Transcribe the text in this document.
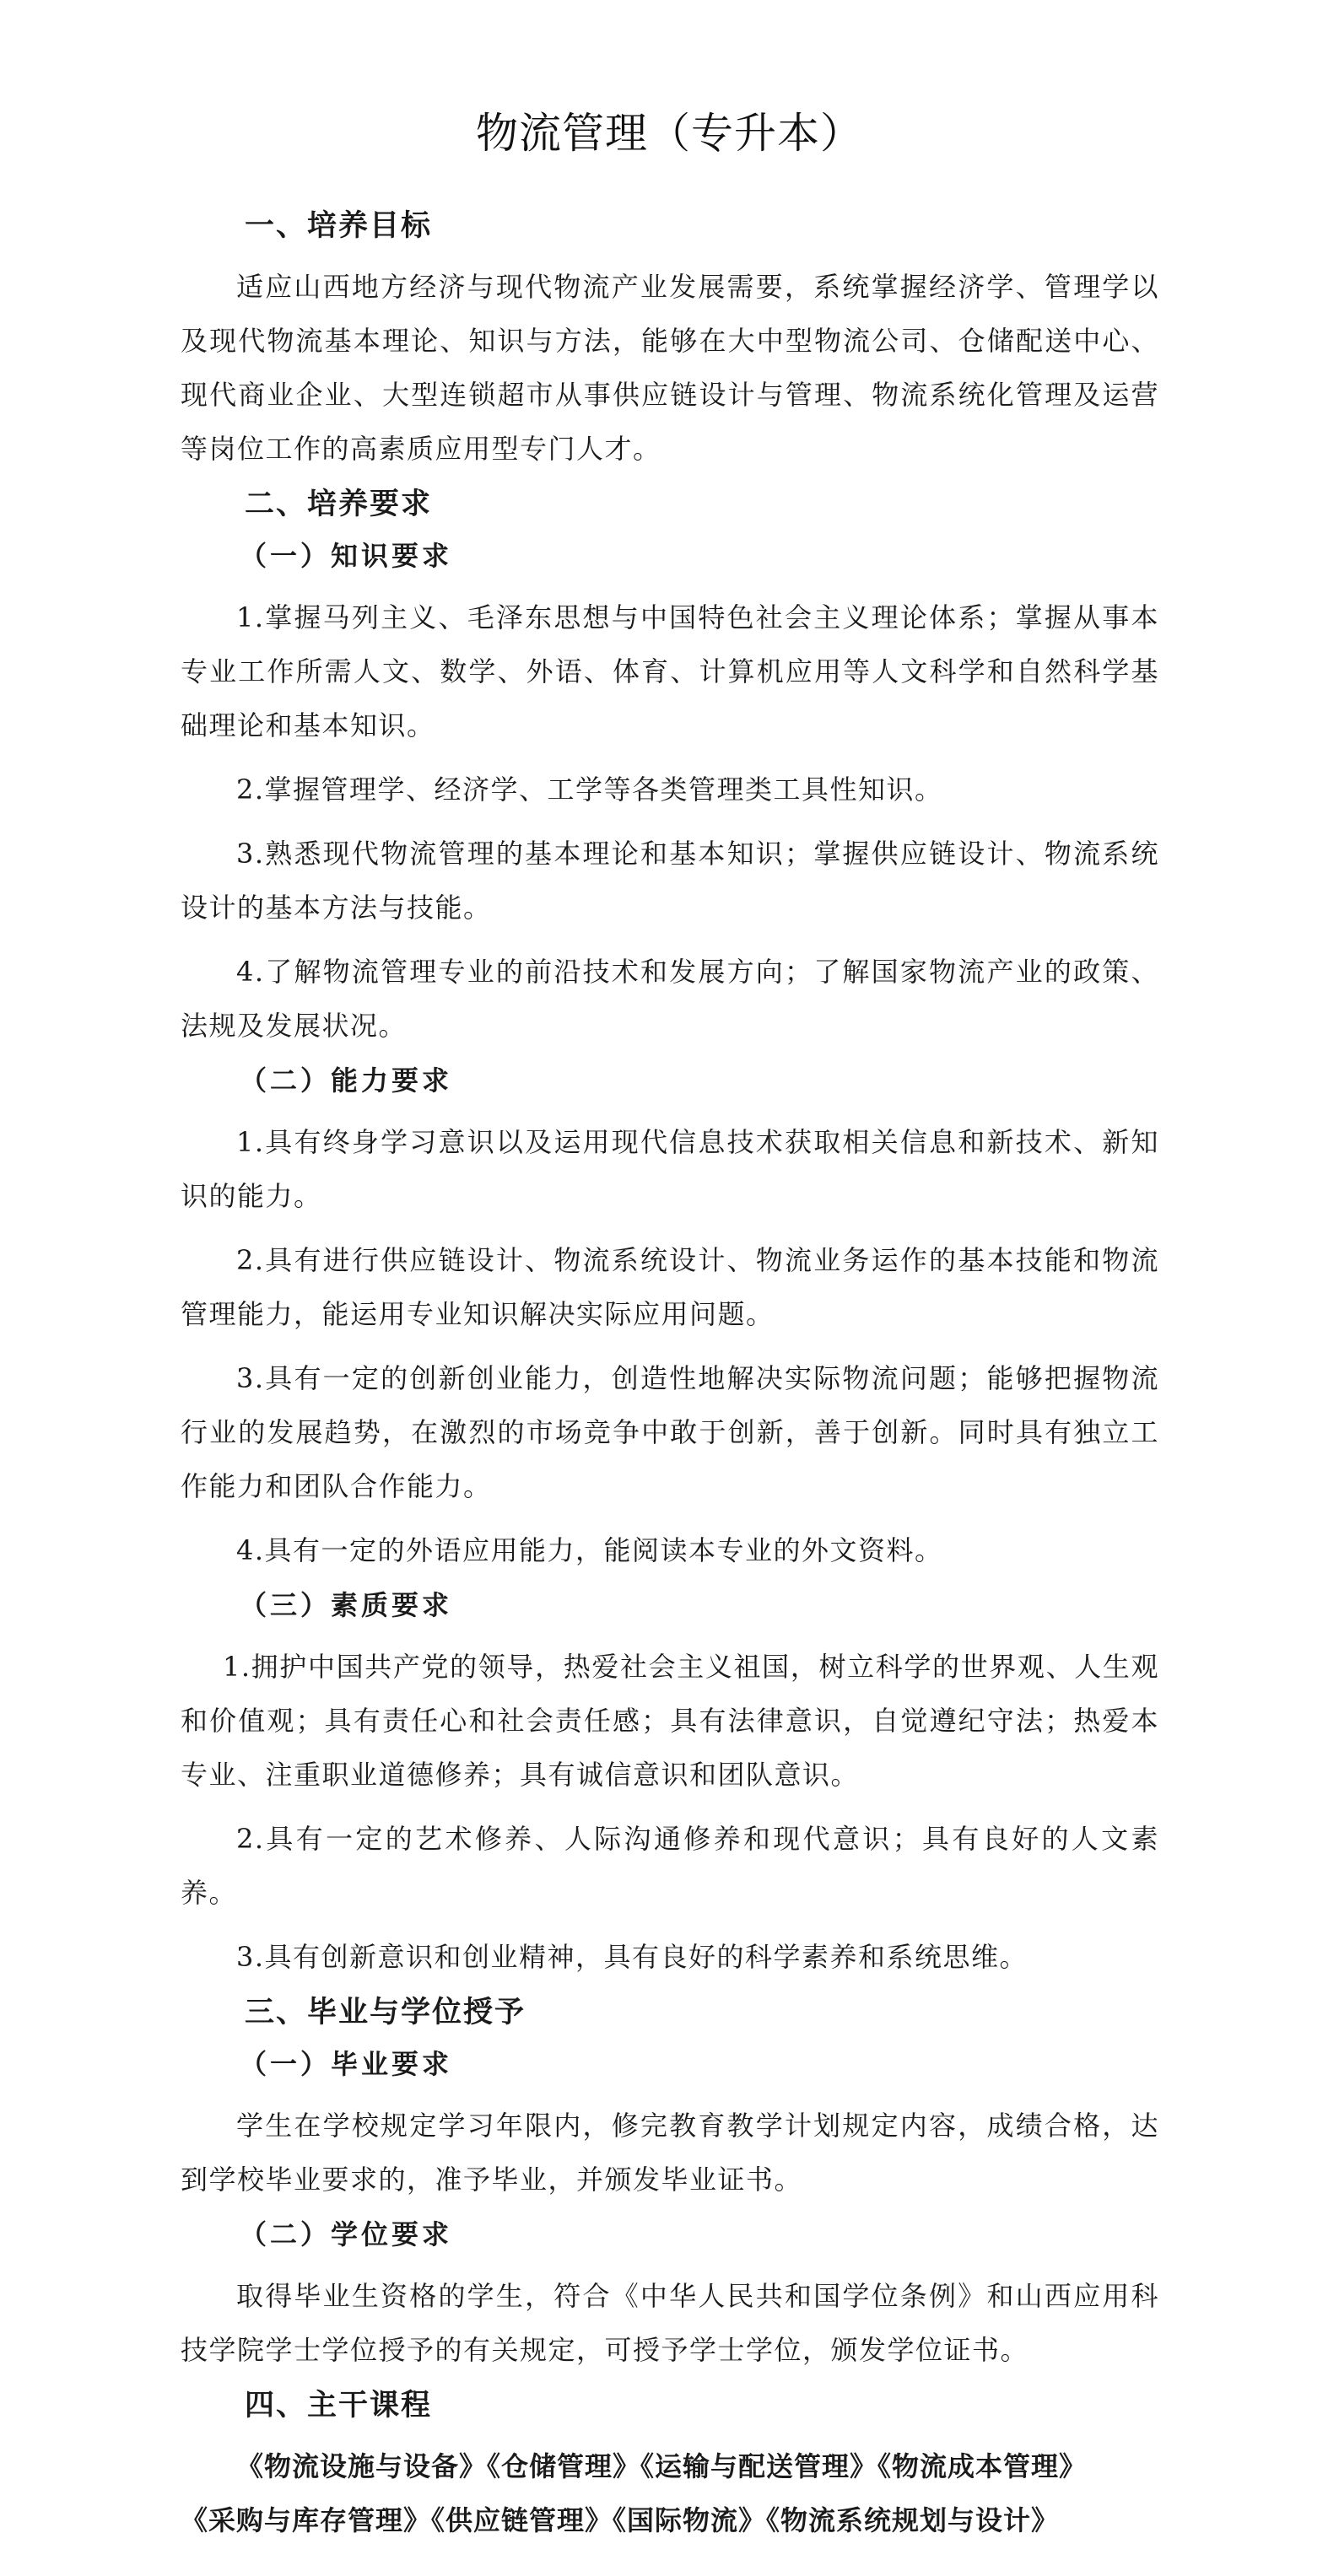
物流管理（专升本）
一、培养目标

适应山西地方经济与现代物流产业发展需要，系统掌握经济学、管理学以及现代物流基本理论、知识与方法，能够在大中型物流公司、仓储配送中心、现代商业企业、大型连锁超市从事供应链设计与管理、物流系统化管理及运营等岗位工作的高素质应用型专门人才。

二、培养要求
（一）知识要求

1.掌握马列主义、毛泽东思想与中国特色社会主义理论体系；掌握从事本专业工作所需人文、数学、外语、体育、计算机应用等人文科学和自然科学基础理论和基本知识。

2.掌握管理学、经济学、工学等各类管理类工具性知识。

3.熟悉现代物流管理的基本理论和基本知识；掌握供应链设计、物流系统设计的基本方法与技能。

4.了解物流管理专业的前沿技术和发展方向；了解国家物流产业的政策、法规及发展状况。

（二）能力要求

1.具有终身学习意识以及运用现代信息技术获取相关信息和新技术、新知识的能力。

2.具有进行供应链设计、物流系统设计、物流业务运作的基本技能和物流管理能力，能运用专业知识解决实际应用问题。

3.具有一定的创新创业能力，创造性地解决实际物流问题；能够把握物流行业的发展趋势，在激烈的市场竞争中敢于创新，善于创新。同时具有独立工作能力和团队合作能力。

4.具有一定的外语应用能力，能阅读本专业的外文资料。

（三）素质要求

1.拥护中国共产党的领导，热爱社会主义祖国，树立科学的世界观、人生观和价值观；具有责任心和社会责任感；具有法律意识，自觉遵纪守法；热爱本专业、注重职业道德修养；具有诚信意识和团队意识。

2.具有一定的艺术修养、人际沟通修养和现代意识；具有良好的人文素养。

3.具有创新意识和创业精神，具有良好的科学素养和系统思维。

三、毕业与学位授予
（一）毕业要求

学生在学校规定学习年限内，修完教育教学计划规定内容，成绩合格，达到学校毕业要求的，准予毕业，并颁发毕业证书。

（二）学位要求

取得毕业生资格的学生，符合《中华人民共和国学位条例》和山西应用科技学院学士学位授予的有关规定，可授予学士学位，颁发学位证书。

四、主干课程
《物流设施与设备》《仓储管理》《运输与配送管理》《物流成本管理》
《采购与库存管理》《供应链管理》《国际物流》《物流系统规划与设计》
